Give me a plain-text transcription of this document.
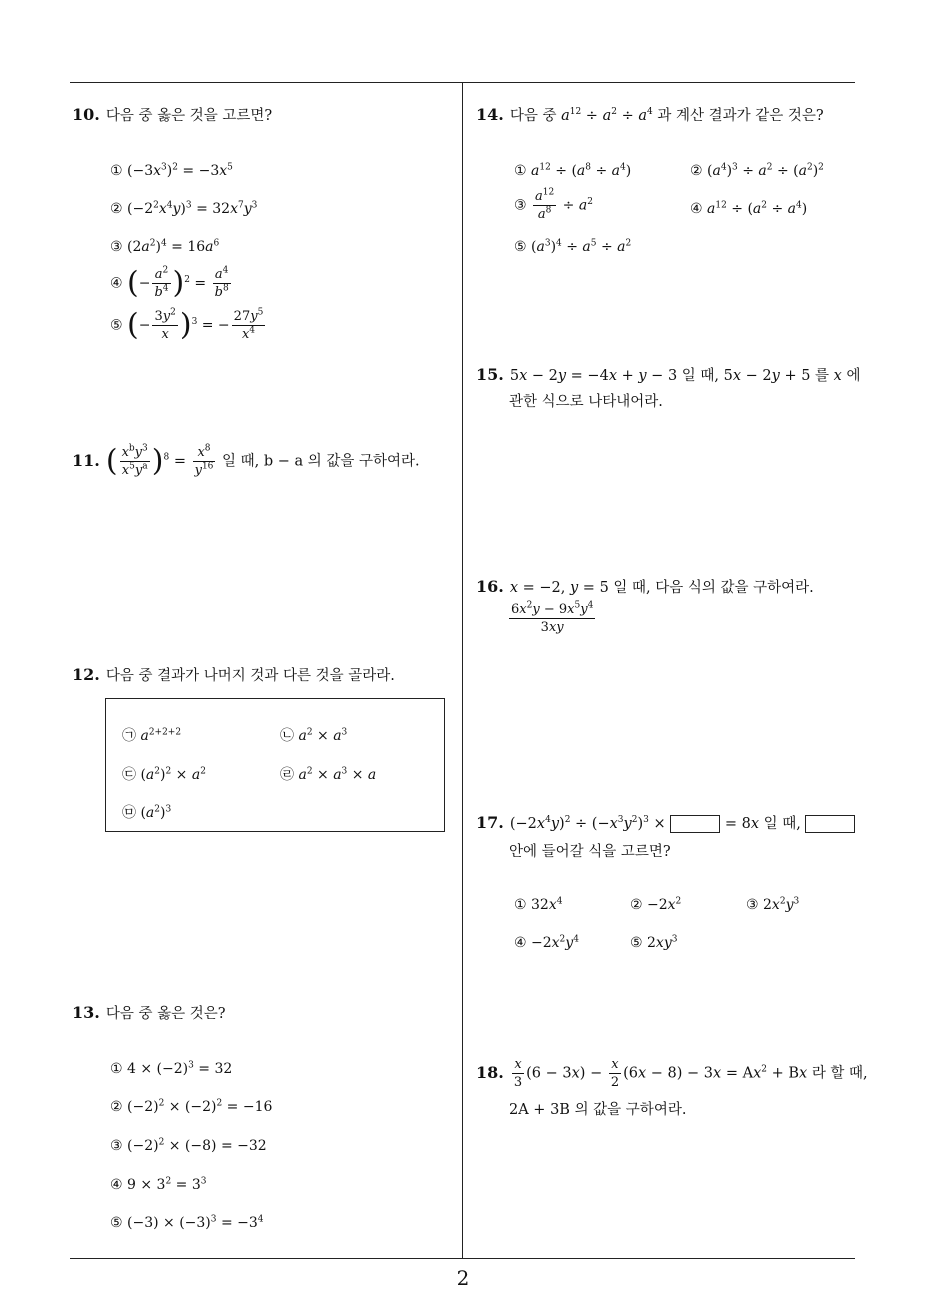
10. 다음 중 옳은 것을 고르면?
① $(-3x^3)^2 = -3x^5$
② $(-2^2x^4y)^3 = 32x^7y^3$
③ $(2a^2)^4 = 16a^6$
④ (− $\frac{a^2}{b^4} )^2 = \frac{a^4}{b^8}$
⑤ (− $\frac{3y^2}{x} )^3$ = − $\frac{27y^5}{x^4}$
11. ( $\frac{x^by^3}{x^5y^a} )^8 = \frac{x^8}{y^{16}}$ 일 때, b − a 의 값을 구하여라.
12. 다음 중 결과가 나머지 것과 다른 것을 골라라.
㉠ $a^{2+2+2}$	㉡ $a^2 \times a^3$
㉢ $(a^2)^2 \times a^2$	㉣ $a^2 \times a^3 \times a$
㉤ $(a^2)^3$
13. 다음 중 옳은 것은?
① $4 \times (-2)^3 = 32$
② $(-2)^2 \times (-2)^2 = -16$
③ $(-2)^2 \times (-8) = -32$
④ $9 \times 3^2 = 3^3$
⑤ $(-3) \times (-3)^3 = -3^4$
14. 다음 중 $a^{12} \div a^2 \div a^4$ 과 계산 결과가 같은 것은?
① $a^{12} \div (a^8 \div a^4)$	② $(a^4)^3 \div a^2 \div (a^2)^2$
③ $\frac{a^{12}}{a^8} \div a^2$	④ $a^{12} \div (a^2 \div a^4)$
⑤ $(a^3)^4 \div a^5 \div a^2$
15. 5x − 2y = −4x + y − 3 일 때, 5x − 2y + 5 를 x 에
관한 식으로 나타내어라.
16. x = −2, y = 5 일 때, 다음 식의 값을 구하여라.
$\frac{6x^2y - 9x^5y^4}{3xy}$
17. $(-2x^4y)^2 \div (-x^3y^2)^3$ ×	= 8x 일 때,
안에 들어갈 식을 고르면?
① $32x^4$	② $-2x^2$	③ $2x^2y^3$
④ $-2x^2y^4$	⑤ $2xy^3$
18. $\frac{x}{3} (6 - 3x) - \frac{x}{2} (6x - 8) - 3x = Ax^2 + Bx$ 라 할 때,
2A + 3B 의 값을 구하여라.
2
